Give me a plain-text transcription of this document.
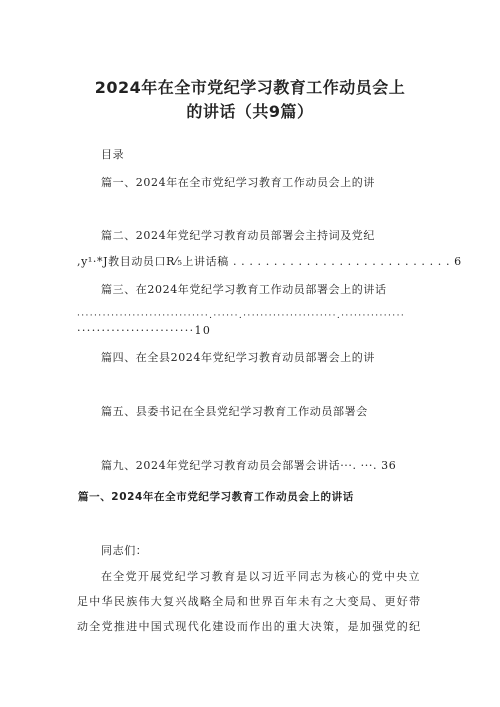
2024年在全市党纪学习教育工作动员会上
的讲话（共9篇）
目录
篇一、2024年在全市党纪学习教育工作动员会上的讲
篇二、2024年党纪学习教育动员部署会主持词及党纪
,y¹·*J教目动员口R⁄₅上讲话稿 . . . . . . . . . . . . . . . . . . . . . . . . . . . 6
篇三、在2024年党纪学习教育工作动员部署会上的讲话
·······························.······.······················.···············
························10
篇四、在全县2024年党纪学习教育动员部署会上的讲
篇五、县委书记在全县党纪学习教育工作动员部署会
篇九、2024年党纪学习教育动员会部署会讲话···. ···. 36
篇一、2024年在全市党纪学习教育工作动员会上的讲话
同志们：
在全党开展党纪学习教育是以习近平同志为核心的党中央立
足中华民族伟大复兴战略全局和世界百年未有之大变局、更好带
动全党推进中国式现代化建设而作出的重大决策，是加强党的纪
